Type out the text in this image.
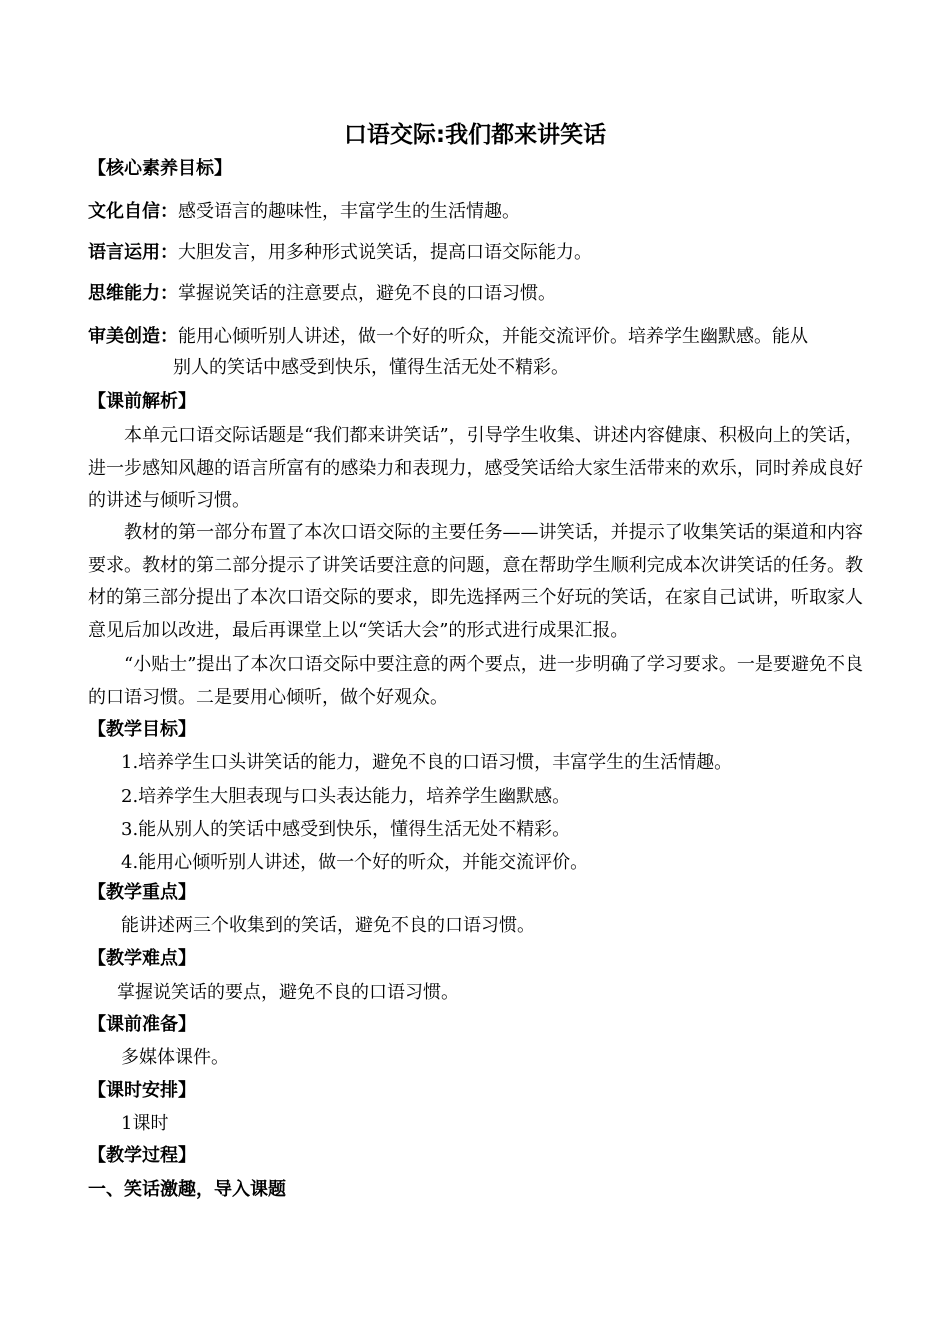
口语交际:我们都来讲笑话
【核心素养目标】
文化自信：感受语言的趣味性，丰富学生的生活情趣。
语言运用：大胆发言，用多种形式说笑话，提高口语交际能力。
思维能力：掌握说笑话的注意要点，避免不良的口语习惯。
审美创造：能用心倾听别人讲述，做一个好的听众，并能交流评价。培养学生幽默感。能从
别人的笑话中感受到快乐，懂得生活无处不精彩。
【课前解析】
本单元口语交际话题是“我们都来讲笑话”，引导学生收集、讲述内容健康、积极向上的笑话，进一步感知风趣的语言所富有的感染力和表现力，感受笑话给大家生活带来的欢乐，同时养成良好的讲述与倾听习惯。
教材的第一部分布置了本次口语交际的主要任务——讲笑话，并提示了收集笑话的渠道和内容要求。教材的第二部分提示了讲笑话要注意的问题，意在帮助学生顺利完成本次讲笑话的任务。教材的第三部分提出了本次口语交际的要求，即先选择两三个好玩的笑话，在家自己试讲，听取家人意见后加以改进，最后再课堂上以“笑话大会”的形式进行成果汇报。
“小贴士”提出了本次口语交际中要注意的两个要点，进一步明确了学习要求。一是要避免不良的口语习惯。二是要用心倾听，做个好观众。
【教学目标】
1.培养学生口头讲笑话的能力，避免不良的口语习惯，丰富学生的生活情趣。
2.培养学生大胆表现与口头表达能力，培养学生幽默感。
3.能从别人的笑话中感受到快乐，懂得生活无处不精彩。
4.能用心倾听别人讲述，做一个好的听众，并能交流评价。
【教学重点】
能讲述两三个收集到的笑话，避免不良的口语习惯。
【教学难点】
掌握说笑话的要点，避免不良的口语习惯。
【课前准备】
多媒体课件。
【课时安排】
1课时
【教学过程】
一、笑话激趣，导入课题
